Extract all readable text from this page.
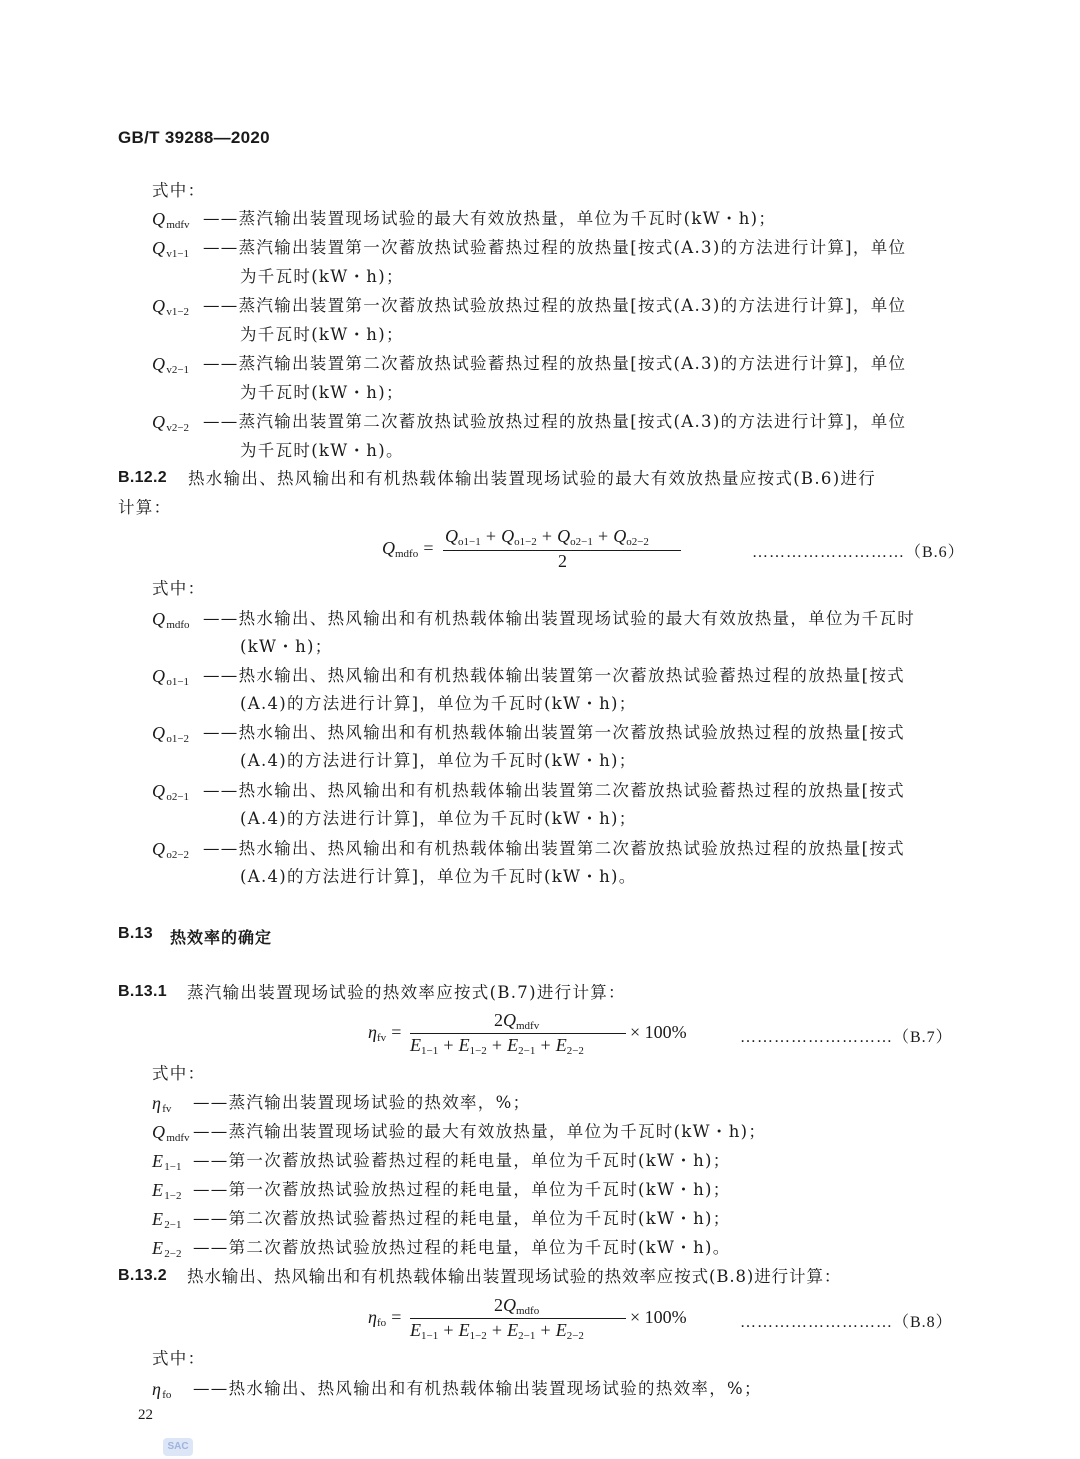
GB/T 39288—2020
式中：
$Q_{mdfv}$ ——蒸汽输出装置现场试验的最大有效放热量，单位为千瓦时(kW・h)；
$Q_{v1-1}$ ——蒸汽输出装置第一次蓄放热试验蓄热过程的放热量[按式(A.3)的方法进行计算]，单位
为千瓦时(kW・h)；
$Q_{v1-2}$ ——蒸汽输出装置第一次蓄放热试验放热过程的放热量[按式(A.3)的方法进行计算]，单位
为千瓦时(kW・h)；
$Q_{v2-1}$ ——蒸汽输出装置第二次蓄放热试验蓄热过程的放热量[按式(A.3)的方法进行计算]，单位
为千瓦时(kW・h)；
$Q_{v2-2}$ ——蒸汽输出装置第二次蓄放热试验放热过程的放热量[按式(A.3)的方法进行计算]，单位
为千瓦时(kW・h)。
B.12.2 热水输出、热风输出和有机热载体输出装置现场试验的最大有效放热量应按式(B.6)进行
计算：
$Q_{mdfo}$ =
$Q_{o1-1} + Q_{o1-2} + Q_{o2-1} + Q_{o2-2}$
2	………………………（B.6）
式中：
$Q_{mdfo}$ ——热水输出、热风输出和有机热载体输出装置现场试验的最大有效放热量，单位为千瓦时
(kW・h)；
$Q_{o1-1}$ ——热水输出、热风输出和有机热载体输出装置第一次蓄放热试验蓄热过程的放热量[按式
(A.4)的方法进行计算]，单位为千瓦时(kW・h)；
$Q_{o1-2}$ ——热水输出、热风输出和有机热载体输出装置第一次蓄放热试验放热过程的放热量[按式
(A.4)的方法进行计算]，单位为千瓦时(kW・h)；
$Q_{o2-1}$ ——热水输出、热风输出和有机热载体输出装置第二次蓄放热试验蓄热过程的放热量[按式
(A.4)的方法进行计算]，单位为千瓦时(kW・h)；
$Q_{o2-2}$ ——热水输出、热风输出和有机热载体输出装置第二次蓄放热试验放热过程的放热量[按式
(A.4)的方法进行计算]，单位为千瓦时(kW・h)。
B.13 热效率的确定
B.13.1 蒸汽输出装置现场试验的热效率应按式(B.7)进行计算：
$\eta_{fv}$ =
$2Q_{mdfv}$
$E_{1-1} + E_{1-2} + E_{2-1} + E_{2-2}$
× 100%	………………………（B.7）
式中：
$\eta_{fv}$ ——蒸汽输出装置现场试验的热效率，%；
$Q_{mdfv}$ ——蒸汽输出装置现场试验的最大有效放热量，单位为千瓦时(kW・h)；
$E_{1-1}$ ——第一次蓄放热试验蓄热过程的耗电量，单位为千瓦时(kW・h)；
$E_{1-2}$ ——第一次蓄放热试验放热过程的耗电量，单位为千瓦时(kW・h)；
$E_{2-1}$ ——第二次蓄放热试验蓄热过程的耗电量，单位为千瓦时(kW・h)；
$E_{2-2}$ ——第二次蓄放热试验放热过程的耗电量，单位为千瓦时(kW・h)。
B.13.2 热水输出、热风输出和有机热载体输出装置现场试验的热效率应按式(B.8)进行计算：
$\eta_{fo}$ =
$2Q_{mdfo}$
$E_{1-1} + E_{1-2} + E_{2-1} + E_{2-2}$
× 100%	………………………（B.8）
式中：
$\eta_{fo}$ ——热水输出、热风输出和有机热载体输出装置现场试验的热效率，%；
22
SAC
